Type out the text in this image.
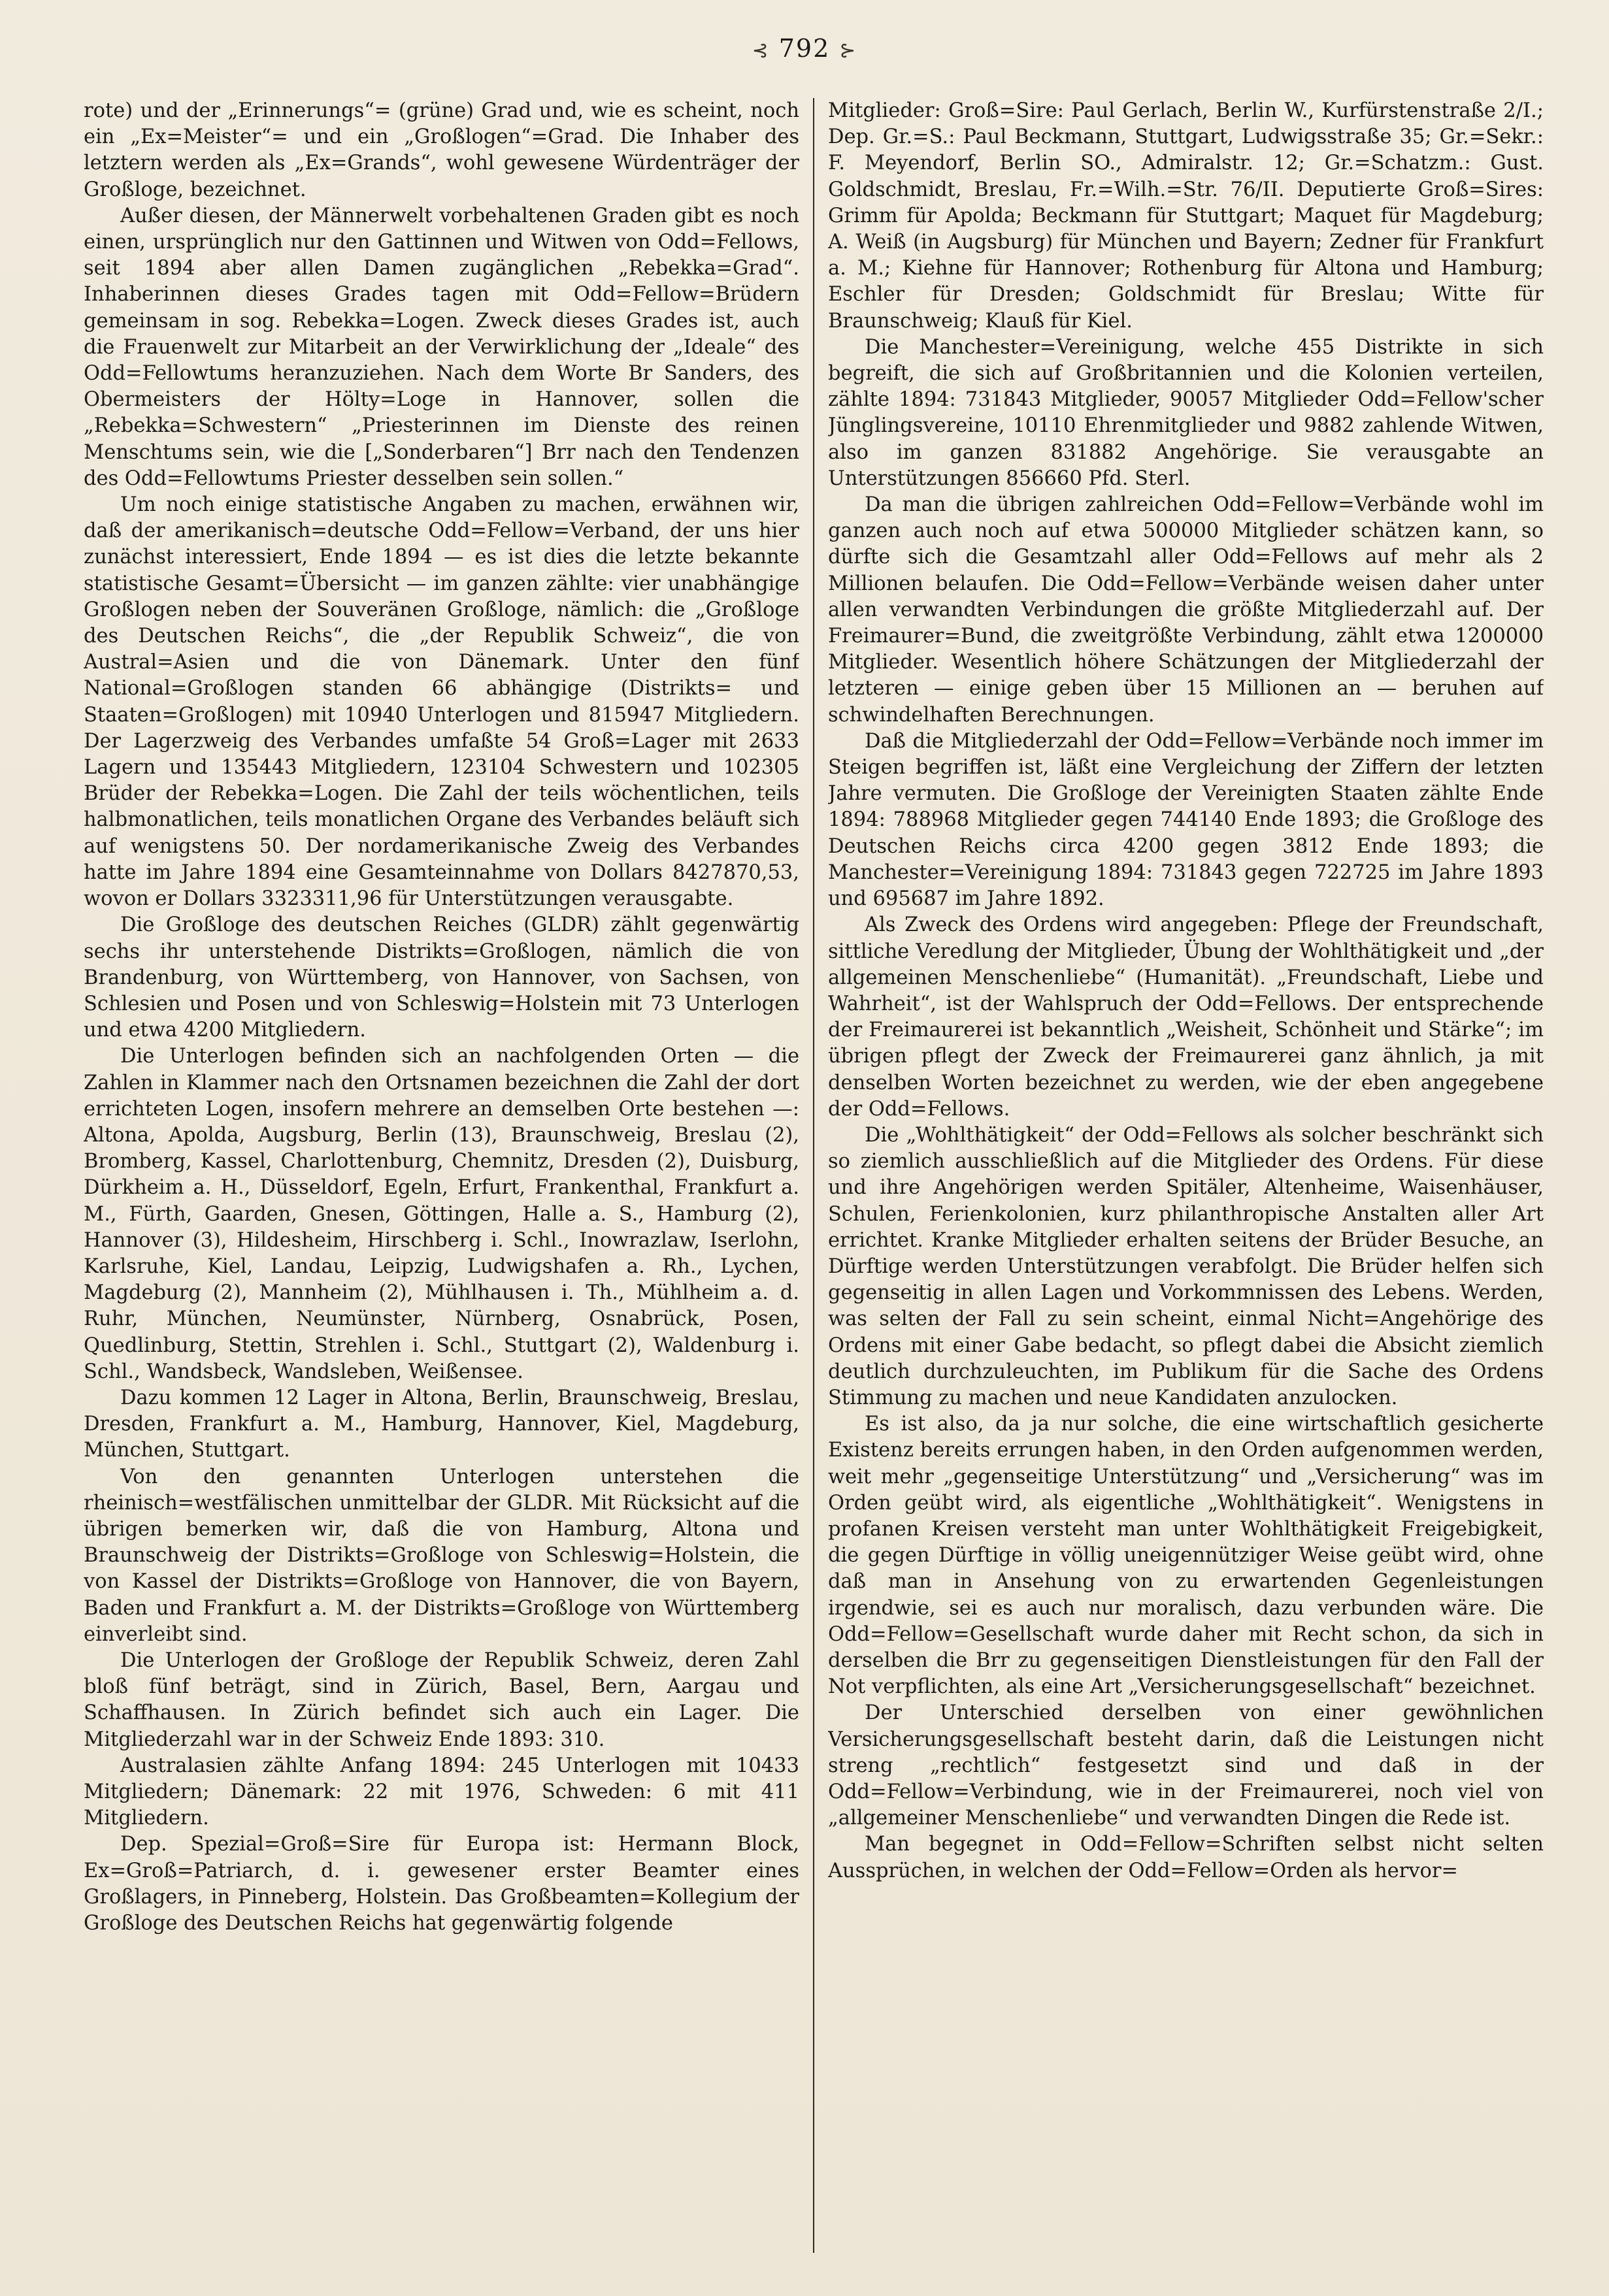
⊰ 792 ⊱

rote) und der „Erinnerungs“= (grüne) Grad und, wie es scheint, noch ein „Ex=Meister“= und ein „Großlogen“=Grad. Die Inhaber des letztern werden als „Ex=Grands“, wohl gewesene Würdenträger der Großloge, bezeichnet.

Außer diesen, der Männerwelt vorbehaltenen Graden gibt es noch einen, ursprünglich nur den Gattinnen und Witwen von Odd=Fellows, seit 1894 aber allen Damen zugänglichen „Rebekka=Grad“. Inhaberinnen dieses Grades tagen mit Odd=Fellow=Brüdern gemeinsam in sog. Rebekka=Logen. Zweck dieses Grades ist, auch die Frauenwelt zur Mitarbeit an der Verwirklichung der „Ideale“ des Odd=Fellowtums heranzuziehen. Nach dem Worte Br Sanders, des Obermeisters der Hölty=Loge in Hannover, sollen die „Rebekka=Schwestern“ „Priesterinnen im Dienste des reinen Menschtums sein, wie die [„Sonderbaren“] Brr nach den Tendenzen des Odd=Fellowtums Priester desselben sein sollen.“

Um noch einige statistische Angaben zu machen, erwähnen wir, daß der amerikanisch=deutsche Odd=Fellow=Verband, der uns hier zunächst interessiert, Ende 1894 — es ist dies die letzte bekannte statistische Gesamt=Übersicht — im ganzen zählte: vier unabhängige Großlogen neben der Souveränen Großloge, nämlich: die „Großloge des Deutschen Reichs“, die „der Republik Schweiz“, die von Austral=Asien und die von Dänemark. Unter den fünf National=Großlogen standen 66 abhängige (Distrikts= und Staaten=Großlogen) mit 10940 Unterlogen und 815947 Mitgliedern. Der Lagerzweig des Verbandes umfaßte 54 Groß=Lager mit 2633 Lagern und 135443 Mitgliedern, 123104 Schwestern und 102305 Brüder der Rebekka=Logen. Die Zahl der teils wöchentlichen, teils halbmonatlichen, teils monatlichen Organe des Verbandes beläuft sich auf wenigstens 50. Der nordamerikanische Zweig des Verbandes hatte im Jahre 1894 eine Gesamteinnahme von Dollars 8427870,53, wovon er Dollars 3323311,96 für Unterstützungen verausgabte.

Die Großloge des deutschen Reiches (GLDR) zählt gegenwärtig sechs ihr unterstehende Distrikts=Großlogen, nämlich die von Brandenburg, von Württemberg, von Hannover, von Sachsen, von Schlesien und Posen und von Schleswig=Holstein mit 73 Unterlogen und etwa 4200 Mitgliedern.

Die Unterlogen befinden sich an nachfolgenden Orten — die Zahlen in Klammer nach den Ortsnamen bezeichnen die Zahl der dort errichteten Logen, insofern mehrere an demselben Orte bestehen —: Altona, Apolda, Augsburg, Berlin (13), Braunschweig, Breslau (2), Bromberg, Kassel, Charlottenburg, Chemnitz, Dresden (2), Duisburg, Dürkheim a. H., Düsseldorf, Egeln, Erfurt, Frankenthal, Frankfurt a. M., Fürth, Gaarden, Gnesen, Göttingen, Halle a. S., Hamburg (2), Hannover (3), Hildesheim, Hirschberg i. Schl., Inowrazlaw, Iserlohn, Karlsruhe, Kiel, Landau, Leipzig, Ludwigshafen a. Rh., Lychen, Magdeburg (2), Mannheim (2), Mühlhausen i. Th., Mühlheim a. d. Ruhr, München, Neumünster, Nürnberg, Osnabrück, Posen, Quedlinburg, Stettin, Strehlen i. Schl., Stuttgart (2), Waldenburg i. Schl., Wandsbeck, Wandsleben, Weißensee.

Dazu kommen 12 Lager in Altona, Berlin, Braunschweig, Breslau, Dresden, Frankfurt a. M., Hamburg, Hannover, Kiel, Magdeburg, München, Stuttgart.

Von den genannten Unterlogen unterstehen die rheinisch=westfälischen unmittelbar der GLDR. Mit Rücksicht auf die übrigen bemerken wir, daß die von Hamburg, Altona und Braunschweig der Distrikts=Großloge von Schleswig=Holstein, die von Kassel der Distrikts=Großloge von Hannover, die von Bayern, Baden und Frankfurt a. M. der Distrikts=Großloge von Württemberg einverleibt sind.

Die Unterlogen der Großloge der Republik Schweiz, deren Zahl bloß fünf beträgt, sind in Zürich, Basel, Bern, Aargau und Schaffhausen. In Zürich befindet sich auch ein Lager. Die Mitgliederzahl war in der Schweiz Ende 1893: 310.

Australasien zählte Anfang 1894: 245 Unterlogen mit 10433 Mitgliedern; Dänemark: 22 mit 1976, Schweden: 6 mit 411 Mitgliedern.

Dep. Spezial=Groß=Sire für Europa ist: Hermann Block, Ex=Groß=Patriarch, d. i. gewesener erster Beamter eines Großlagers, in Pinneberg, Holstein. Das Großbeamten=Kollegium der Großloge des Deutschen Reichs hat gegenwärtig folgende

Mitglieder: Groß=Sire: Paul Gerlach, Berlin W., Kurfürstenstraße 2/I.; Dep. Gr.=S.: Paul Beckmann, Stuttgart, Ludwigsstraße 35; Gr.=Sekr.: F. Meyendorf, Berlin SO., Admiralstr. 12; Gr.=Schatzm.: Gust. Goldschmidt, Breslau, Fr.=Wilh.=Str. 76/II. Deputierte Groß=Sires: Grimm für Apolda; Beckmann für Stuttgart; Maquet für Magdeburg; A. Weiß (in Augsburg) für München und Bayern; Zedner für Frankfurt a. M.; Kiehne für Hannover; Rothenburg für Altona und Hamburg; Eschler für Dresden; Goldschmidt für Breslau; Witte für Braunschweig; Klauß für Kiel.

Die Manchester=Vereinigung, welche 455 Distrikte in sich begreift, die sich auf Großbritannien und die Kolonien verteilen, zählte 1894: 731843 Mitglieder, 90057 Mitglieder Odd=Fellow'scher Jünglingsvereine, 10110 Ehrenmitglieder und 9882 zahlende Witwen, also im ganzen 831882 Angehörige. Sie verausgabte an Unterstützungen 856660 Pfd. Sterl.

Da man die übrigen zahlreichen Odd=Fellow=Verbände wohl im ganzen auch noch auf etwa 500000 Mitglieder schätzen kann, so dürfte sich die Gesamtzahl aller Odd=Fellows auf mehr als 2 Millionen belaufen. Die Odd=Fellow=Verbände weisen daher unter allen verwandten Verbindungen die größte Mitgliederzahl auf. Der Freimaurer=Bund, die zweitgrößte Verbindung, zählt etwa 1200000 Mitglieder. Wesentlich höhere Schätzungen der Mitgliederzahl der letzteren — einige geben über 15 Millionen an — beruhen auf schwindelhaften Berechnungen.

Daß die Mitgliederzahl der Odd=Fellow=Verbände noch immer im Steigen begriffen ist, läßt eine Vergleichung der Ziffern der letzten Jahre vermuten. Die Großloge der Vereinigten Staaten zählte Ende 1894: 788968 Mitglieder gegen 744140 Ende 1893; die Großloge des Deutschen Reichs circa 4200 gegen 3812 Ende 1893; die Manchester=Vereinigung 1894: 731843 gegen 722725 im Jahre 1893 und 695687 im Jahre 1892.

Als Zweck des Ordens wird angegeben: Pflege der Freundschaft, sittliche Veredlung der Mitglieder, Übung der Wohlthätigkeit und „der allgemeinen Menschenliebe“ (Humanität). „Freundschaft, Liebe und Wahrheit“, ist der Wahlspruch der Odd=Fellows. Der entsprechende der Freimaurerei ist bekanntlich „Weisheit, Schönheit und Stärke“; im übrigen pflegt der Zweck der Freimaurerei ganz ähnlich, ja mit denselben Worten bezeichnet zu werden, wie der eben angegebene der Odd=Fellows.

Die „Wohlthätigkeit“ der Odd=Fellows als solcher beschränkt sich so ziemlich ausschließlich auf die Mitglieder des Ordens. Für diese und ihre Angehörigen werden Spitäler, Altenheime, Waisenhäuser, Schulen, Ferienkolonien, kurz philanthropische Anstalten aller Art errichtet. Kranke Mitglieder erhalten seitens der Brüder Besuche, an Dürftige werden Unterstützungen verabfolgt. Die Brüder helfen sich gegenseitig in allen Lagen und Vorkommnissen des Lebens. Werden, was selten der Fall zu sein scheint, einmal Nicht=Angehörige des Ordens mit einer Gabe bedacht, so pflegt dabei die Absicht ziemlich deutlich durchzuleuchten, im Publikum für die Sache des Ordens Stimmung zu machen und neue Kandidaten anzulocken.

Es ist also, da ja nur solche, die eine wirtschaftlich gesicherte Existenz bereits errungen haben, in den Orden aufgenommen werden, weit mehr „gegenseitige Unterstützung“ und „Versicherung“ was im Orden geübt wird, als eigentliche „Wohlthätigkeit“. Wenigstens in profanen Kreisen versteht man unter Wohlthätigkeit Freigebigkeit, die gegen Dürftige in völlig uneigennütziger Weise geübt wird, ohne daß man in Ansehung von zu erwartenden Gegenleistungen irgendwie, sei es auch nur moralisch, dazu verbunden wäre. Die Odd=Fellow=Gesellschaft wurde daher mit Recht schon, da sich in derselben die Brr zu gegenseitigen Dienstleistungen für den Fall der Not verpflichten, als eine Art „Versicherungsgesellschaft“ bezeichnet.

Der Unterschied derselben von einer gewöhnlichen Versicherungsgesellschaft besteht darin, daß die Leistungen nicht streng „rechtlich“ festgesetzt sind und daß in der Odd=Fellow=Verbindung, wie in der Freimaurerei, noch viel von „allgemeiner Menschenliebe“ und verwandten Dingen die Rede ist.

Man begegnet in Odd=Fellow=Schriften selbst nicht selten Aussprüchen, in welchen der Odd=Fellow=Orden als hervor=
